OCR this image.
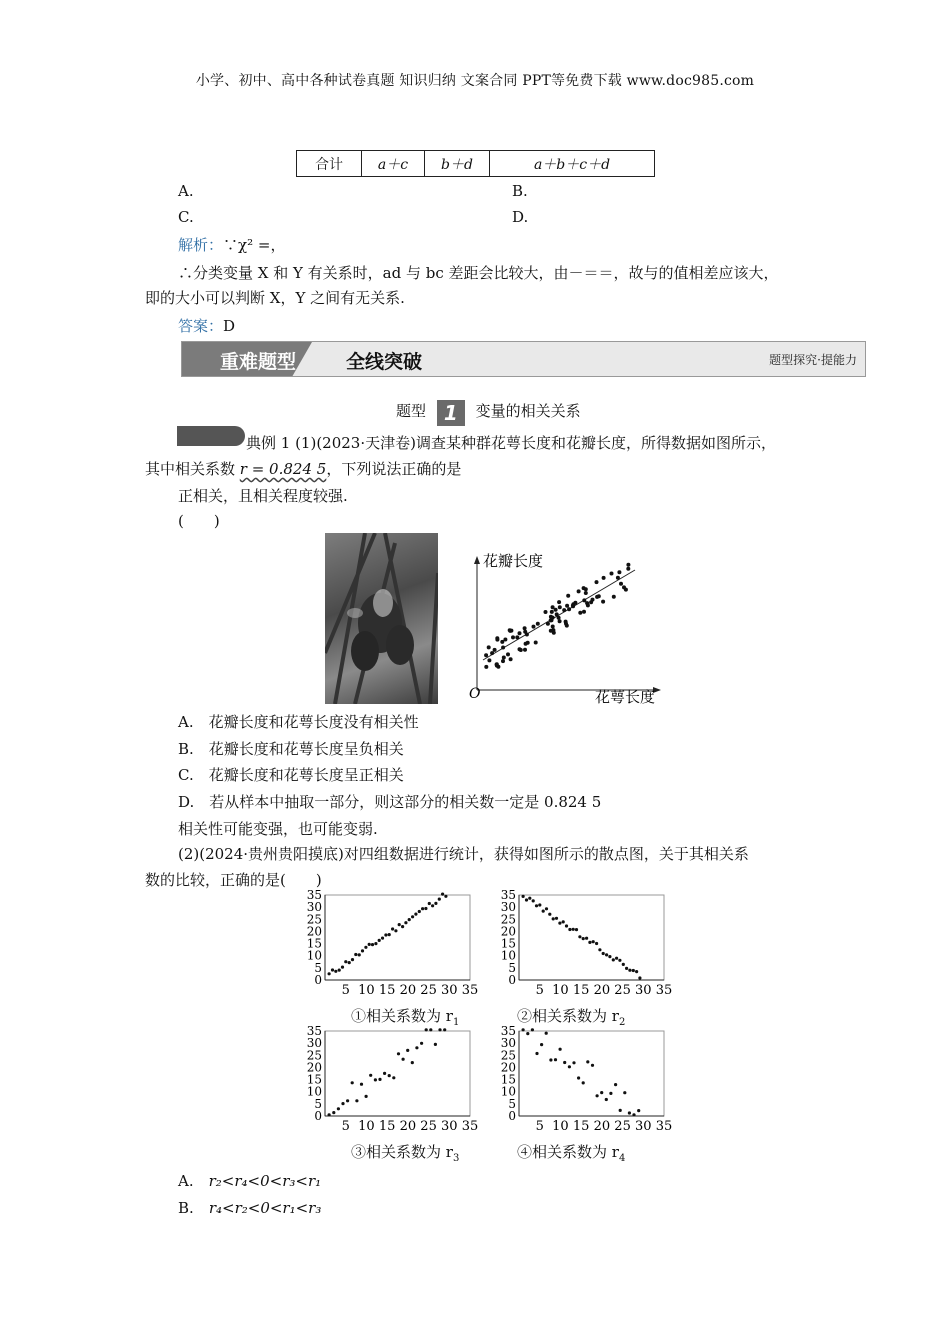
小学、初中、高中各种试卷真题 知识归纳 文案合同 PPT等免费下载 www.doc985.com
合计	a＋c	b＋d	a＋b＋c＋d
A.	B.
C.	D.
解析：∵χ² =，
∴分类变量 X 和 Y 有关系时，ad 与 bc 差距会比较大，由－＝＝，故与的值相差应该大，
即的大小可以判断 X，Y 之间有无关系.
答案：D
重难题型	全线突破	题型探究·提能力
题型 1 变量的相关关系
典例 1 (1)(2023·天津卷)调查某种群花萼长度和花瓣长度，所得数据如图所示，
其中相关系数 r = 0.824 5，下列说法正确的是
正相关，且相关程度较强.
(　　)
花瓣长度
花萼长度
O
A.　花瓣长度和花萼长度没有相关性
B.　花瓣长度和花萼长度呈负相关
C.　花瓣长度和花萼长度呈正相关
D.　若从样本中抽取一部分，则这部分的相关数一定是 0.824 5
相关性可能变强，也可能变弱.
(2)(2024·贵州贵阳摸底)对四组数据进行统计，获得如图所示的散点图，关于其相关系
数的比较，正确的是(　　)
5 10 15 20 25 30 35
35
30
25
20
15
10
5
0
5 10 15 20 25 30 35
35
30
25
20
15
10
5
0
①相关系数为 $r_1$	②相关系数为 $r_2$
5 10 15 20 25 30 35
35
30
25
20
15
10
5
0
5 10 15 20 25 30 35
35
30
25
20
15
10
5
0
③相关系数为 $r_3$	④相关系数为 $r_4$
A.　 r₂<r₄<0<r₃<r₁
B.　 r₄<r₂<0<r₁<r₃
